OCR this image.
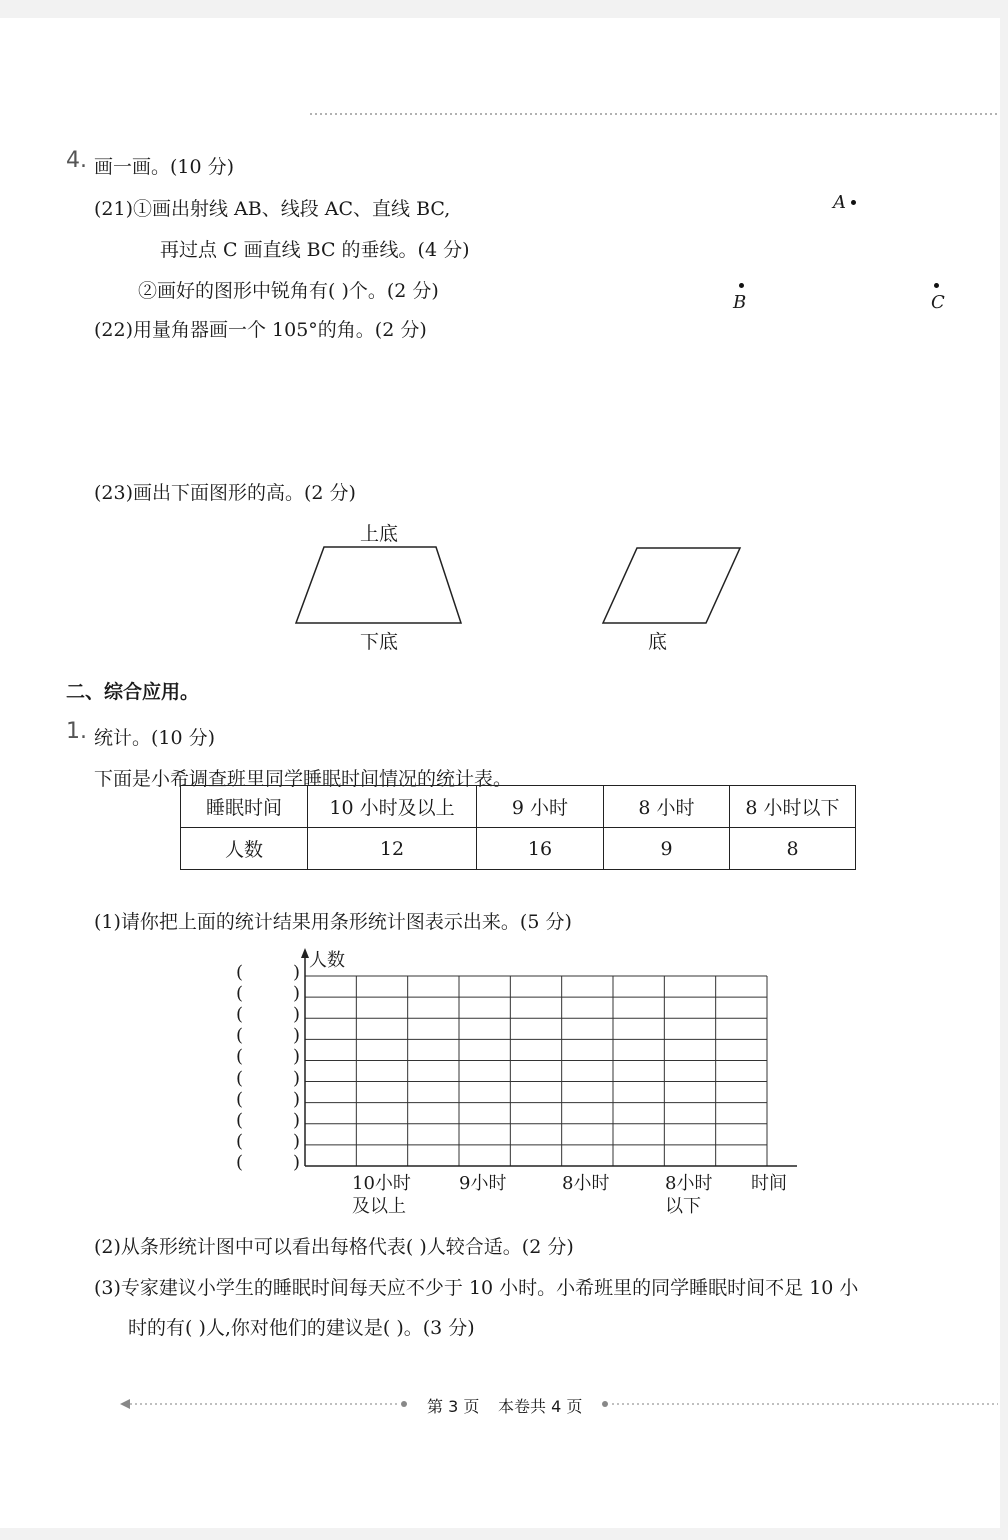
4. 画一画。(10 分)
(21)①画出射线 AB、线段 AC、直线 BC,
再过点 C 画直线 BC 的垂线。(4 分)
②画好的图形中锐角有( )个。(2 分)
(22)用量角器画一个 105°的角。(2 分)
A
B	C
(23)画出下面图形的高。(2 分)
上底
下底	底
二、综合应用。
1. 统计。(10 分)
下面是小希调查班里同学睡眠时间情况的统计表。
睡眠时间	10 小时及以上	9 小时	8 小时	8 小时以下
人数	12	16	9	8
(1)请你把上面的统计结果用条形统计图表示出来。(5 分)
人数
时间
10小时
及以上
9小时	8小时	8小时
以下
(	)
(	)
(	)
(	)
(	)
(	)
(	)
(	)
(	)
(	)
(2)从条形统计图中可以看出每格代表( )人较合适。(2 分)
(3)专家建议小学生的睡眠时间每天应不少于 10 小时。小希班里的同学睡眠时间不足 10 小
时的有( )人,你对他们的建议是( )。(3 分)
第 3 页 本卷共 4 页
